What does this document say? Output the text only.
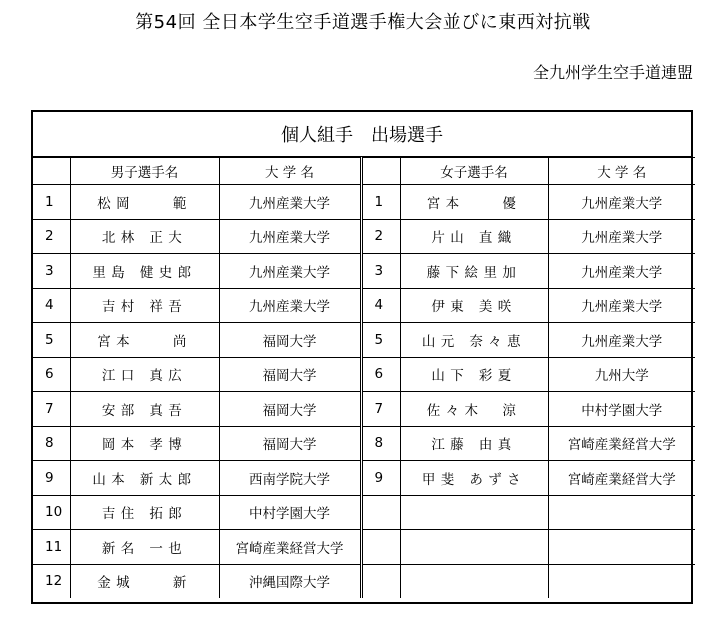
第54回 全日本学生空手道選手権大会並びに東西対抗戦
全九州学生空手道連盟
個人組手　出場選手
	男子選手名	大 学 名		女子選手名	大 学 名
1	松岡　　範	九州産業大学	1	宮本　　優	九州産業大学
2	北林 正大	九州産業大学	2	片山 直織	九州産業大学
3	里島 健史郎	九州産業大学	3	藤下絵里加	九州産業大学
4	吉村 祥吾	九州産業大学	4	伊東 美咲	九州産業大学
5	宮本　　尚	福岡大学	5	山元 奈々恵	九州産業大学
6	江口 真広	福岡大学	6	山下 彩夏	九州大学
7	安部 真吾	福岡大学	7	佐々木　涼	中村学園大学
8	岡本 孝博	福岡大学	8	江藤 由真	宮崎産業経営大学
9	山本 新太郎	西南学院大学	9	甲斐 あずさ	宮崎産業経営大学
10	吉住 拓郎	中村学園大学			
11	新名 一也	宮崎産業経営大学			
12	金城　　新	沖縄国際大学			
